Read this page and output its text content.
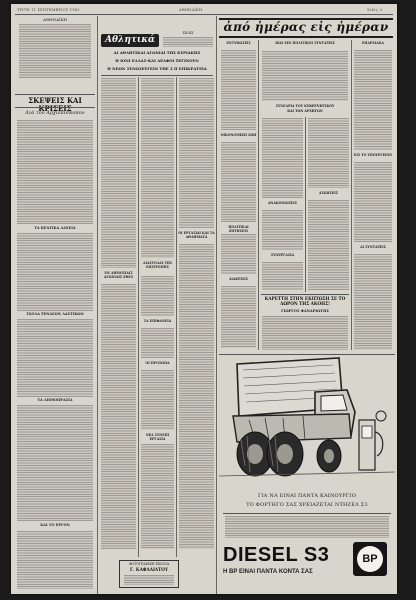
ΤΡΙΤΗ 11 ΣΕΠΤΕΜΒΡΙΟΥ 1962	ΑΘΗΝΑΪΚΗ	Σελίς 3
ΑΘΗΝΑΪΚΗ
ΣΚΕΨΕΙΣ ΚΑΙ ΚΡΙΣΕΙΣ
Διά τον Αρχιεπίσκοπον
ΤΑ ΚΡΑΤΙΚΑ ΛΑΧΕΙΑ
ΣΧΟΛΑ ΞΕΝΑΓΩΝ ΛΑΣΤΙΚΩΝ
ΤΑ ΔΗΜΟΠΡΑΣΙΑ
ΚΑΙ ΤΟ ΕΡΓΟΝ
Αθλητικά
ΣΕΛΙΣ
ΑΙ ΑΘΛΗΤΙΚΑΙ ΑΓΩΝΙΑΙ ΤΗΣ ΚΥΡΙΑΚΗΣ
Η ΙΟΝΙ ΕΛΛΑΣ-ΚΑΙ ΔΕΛΦΟΙ ΞΕΓΙΝΟΥΝ
Η ΝΕΩΝ ΣΥΝΩΣΕΥΓΕΙΝ ΤΗΕ Σ Π ΕΠΙΚΡΑΤΕΙΑ
ΕΝ ΔΗΜΟΣΙΑΙΣ ΑΓΩΝΙΑΙΣ ΧΘΕΣ
ΔΙΑΣΤΟΛΑΙ ΤΗΣ ΕΠΙΤΡΟΠΗΣ
ΤΑ ΕΠΙΦΑΝΕΙΑ
ΟΙ ΠΡΟΣΩΠΑ
ΝΕΑ ΣΥΝΕΠΙ ΕΡΓΑΣΙΑ
ΟΙ ΕΡΓΑΣΙΑΙ ΚΑΙ ΤΑ ΑΘΛΗΜΑΤΑ
ΦΩΤΟΓΡΑΦΙΚΗ ΕΙΚΟΝΑ
Γ. ΚΑΦΑΛΙΑΤΟΥ
ἀπό ἡμέρας εἰς ἡμέραν
ΕΝΤΥΠΩΣΕΙΣ
ΟΙΚΟΝΟΜΙΚΗ ΖΩΗ
ΠΟΛΙΤΙΚΑΙ ΖΗΤΗΣΕΙΣ
ΔΙΑΚΡΙΣΙΣ
ΠΩΣ ΕΙΝ ΠΟΛΙΤΙΚΟΙ ΣΥΝΤΑΞΕΙΣ
ΣΥΝΕΔΡΙΑ ΤΟΥ ΚΥΒΕΡΝΗΤΙΚΟΥ
ΚΑΙ ΤΩΝ ΑΡΧΗΓΩΝ
ΑΝΑΚΟΙΝΩΣΕΙΣ
ΣΥΝΕΡΓΑΣΙΑ
ΑΣΚΗΣΕΙΣ
ΚΑΡΕΤΤΗ ΣΤΗΝ ΕΚΠΤΩΣΗ ΣΕ ΤΟ ΔΩΡΟΝ ΤΗΣ ΑΚΟΗΣ!
ΓΙΩΡΓΟΣ ΦΑΝΑΡΙΩΤΗΣ
ΕΠΑΡΧΙΑΚΑ
ΕΙΣ ΤΟ ΥΠΟΥΡΓΕΙΟΝ
ΑΙ ΣΥΝΤΑΞΕΙΣ
ΓΙΑ ΝΑ ΕΙΝΑΙ ΠΑΝΤΑ ΚΑΙΝΟΥΡΓΙΟ
ΤΟ ΦΟΡΤΗΓΟ ΣΑΣ ΧΡΕΙΑΖΕΤΑΙ ΝΤΗΖΕΛ Σ3
DIESEL S3
Η ΒΡ ΕΙΝΑΙ ΠΑΝΤΑ ΚΟΝΤΑ ΣΑΣ
BP
